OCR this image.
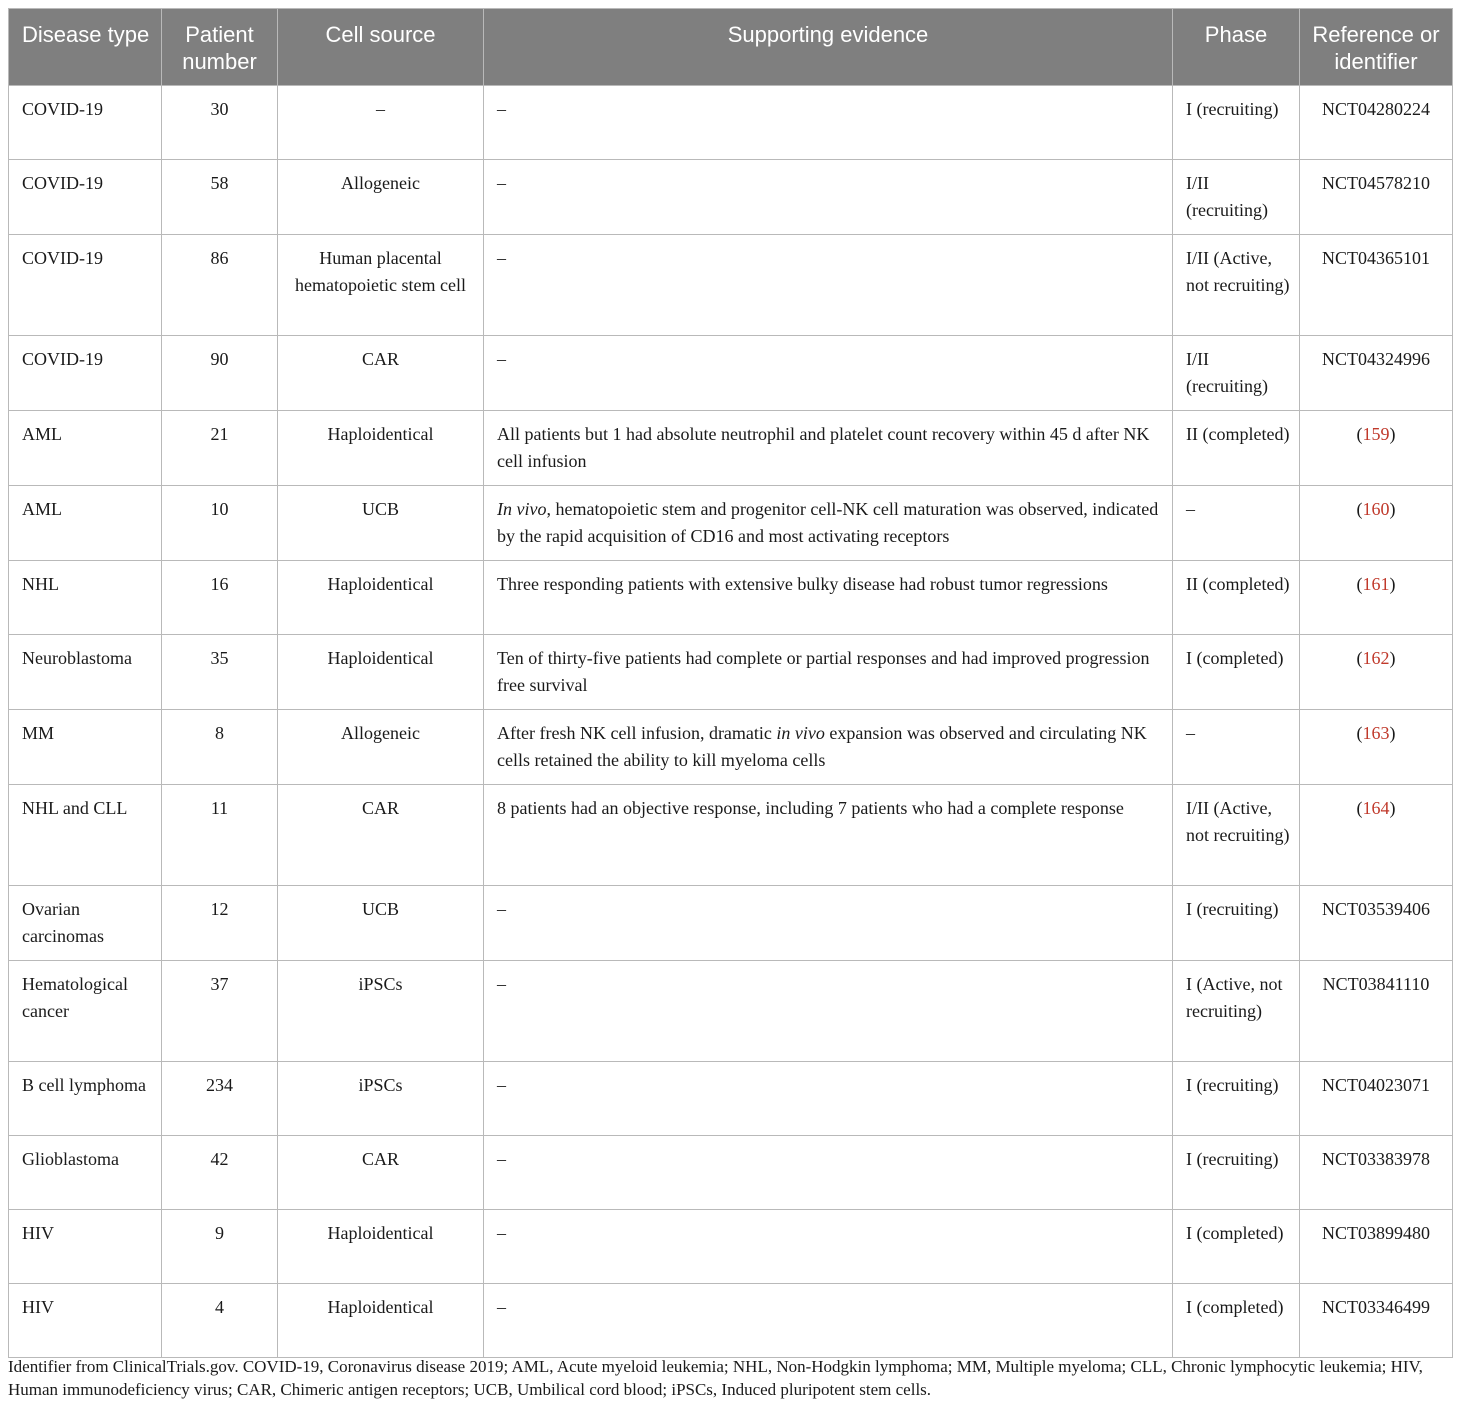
Disease type	Patient number	Cell source	Supporting evidence	Phase	Reference or identifier
COVID-19	30	–	–	I (recruiting)	NCT04280224
COVID-19	58	Allogeneic	–	I/II (recruiting)	NCT04578210
COVID-19	86	Human placental hematopoietic stem cell	–	I/II (Active, not recruiting)	NCT04365101
COVID-19	90	CAR	–	I/II (recruiting)	NCT04324996
AML	21	Haploidentical	All patients but 1 had absolute neutrophil and platelet count recovery within 45 d after NK cell infusion	II (completed)	(159)
AML	10	UCB	In vivo, hematopoietic stem and progenitor cell-NK cell maturation was observed, indicated by the rapid acquisition of CD16 and most activating receptors	–	(160)
NHL	16	Haploidentical	Three responding patients with extensive bulky disease had robust tumor regressions	II (completed)	(161)
Neuroblastoma	35	Haploidentical	Ten of thirty-five patients had complete or partial responses and had improved progression free survival	I (completed)	(162)
MM	8	Allogeneic	After fresh NK cell infusion, dramatic in vivo expansion was observed and circulating NK cells retained the ability to kill myeloma cells	–	(163)
NHL and CLL	11	CAR	8 patients had an objective response, including 7 patients who had a complete response	I/II (Active, not recruiting)	(164)
Ovarian carcinomas	12	UCB	–	I (recruiting)	NCT03539406
Hematological cancer	37	iPSCs	–	I (Active, not recruiting)	NCT03841110
B cell lymphoma	234	iPSCs	–	I (recruiting)	NCT04023071
Glioblastoma	42	CAR	–	I (recruiting)	NCT03383978
HIV	9	Haploidentical	–	I (completed)	NCT03899480
HIV	4	Haploidentical	–	I (completed)	NCT03346499
Identifier from ClinicalTrials.gov. COVID-19, Coronavirus disease 2019; AML, Acute myeloid leukemia; NHL, Non-Hodgkin lymphoma; MM, Multiple myeloma; CLL, Chronic lymphocytic leukemia; HIV, Human immunodeficiency virus; CAR, Chimeric antigen receptors; UCB, Umbilical cord blood; iPSCs, Induced pluripotent stem cells.
